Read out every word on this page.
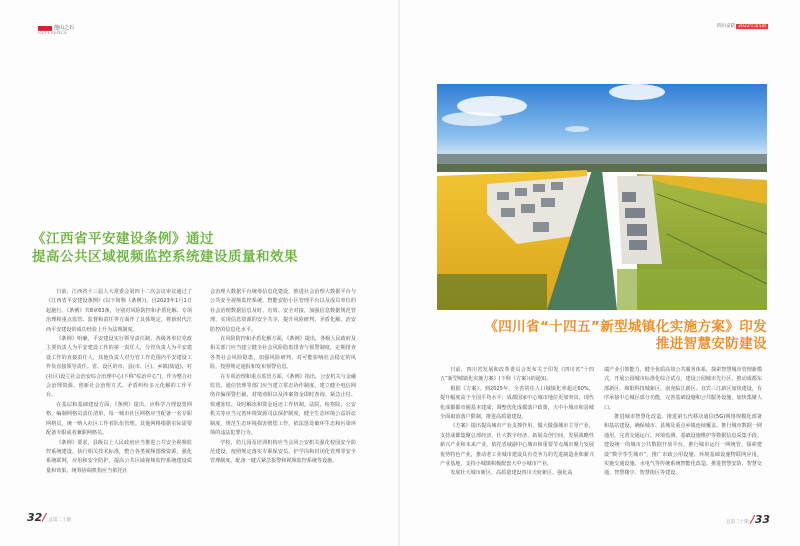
他山之石
REFERENCE
《江西省平安建设条例》通过
提高公共区域视频监控系统建设质量和效果

日前，江西省十三届人大常委会第四十二次会议审议通过了《江西省平安建设条例》(以下简称《条例》)，自2023年1月1日起施行。《条例》共8章63条，分别对风险防控和矛盾化解、专项治理和重点监管、监督和责任等方面作了具体规定，将新时代江西平安建设的成功经验上升为法规制度。

《条例》明确，平安建设实行领导责任制。各级各单位党政主要负责人为平安建设工作的第一责任人，分管负责人为平安建设工作的直接责任人，其他负责人对分管工作范围内平安建设工作负直接领导责任。省、设区的市、县(市、区)、乡镇(街道)、村(社区)设立社会治安综合治理中心(下称“综治中心”)，作为整合社会治理资源、创新社会治理方式、矛盾纠纷多元化解的工作平台。

在基层和基础建设方面，《条例》提出，应科学合理设置网格，编制网格员责任清单，每一城市社区网格应当配备一名专职网格员，统一纳入社区工作者队伍管理。其他网格根据实际需要配备专职或者兼职网格员。

《条例》要求，县级以上人民政府应当推进公共安全视频监控系统建设，执行相关技术标准，整合各类视频图像资源，强化系统联网，应用和安全防护，提高公共区域视频监控系统建设质量和效果。统筹协调机构应当依托社

会治理大数据平台统筹信息化建设，推进社会治理大数据平台与公共安全视频监控系统、智能安防小区管理平台以及成员单位的社会治理数据信息及时、有效、安全对接，加强信息数据规范管理，实现信息资源的安全共享，提升风险研判、矛盾化解、治安防控的信息化水平。

在风险防控和矛盾化解方面，《条例》提出，各级人民政府及相关部门应当建立健全社会风险隐患排查与预警制度，定期排查各类社会风险隐患，加强风险研判，对可能影响社会稳定的风险，按照规定通报和发布预警信息。

在专项治理和重点监管方面，《条例》指出，公安机关与金融监管、通信管理等部门应当建立常态协作制度，建立健全电信网络诈骗预警拦截、封堵劝阻以及涉案资金即时查询、紧急止付、快速冻结、及时解冻和资金返还工作机制。法院、检察院、公安机关等应当完善环境资源司法保护制度，健全生态环境公益诉讼制度，规范生态环境损害赔偿工作，依法惩处破坏生态和污染环境的违法犯罪行为。

学校、幼儿园及培训机构应当会同公安机关强化校园安全防范建设，按照规定落实专职保安员、护学岗和封闭化管理等安全管理制度，配备一键式紧急报警和视频监控系统等设施。

32 / 总第二十期
四川安防 2022年第5期
《四川省“十四五”新型城镇化实施方案》印发
推进智慧安防建设

日前，四川省发展和改革委员会发布关于印发《四川省“十四五”新型城镇化实施方案》(下称《方案》)的通知。

根据《方案》，到2025年，全省常住人口城镇化率超过60%，提升幅度高于全国平均水平；成都国家中心城市地位更加突出，现代化成都都市圈基本建成；调整优化成都落户政策，大中小城市和县城全面取消落户限制，推进高质量建设。

《方案》提出提高城市产业支撑作用，做大做强城市主导产业，支持成都集聚总部经济，壮大数字经济，拓展众创空间，发展战略性新兴产业和未来产业，依托省域副中心城市和重要节点城市聚力发展优势特色产业，推动老工业城市建设具有竞争力的先进制造业和新兴产业基地，支持小城镇积极配套大中小城市产业。

发展壮大城市新区，高质量建设四川天府新区，强化高

端产业引领能力，健全优质高效公共服务体系，探索智慧城市管理新模式，开展公园城市标准化综合试点，建设公园城市先行区。推动成都东部新区、绵阳科技城新区、南充临江新区、宜宾三江新区加快建设，有序承接中心城区部分功能，完善基础设施和公共服务设施，加快集聚人口。

推进城市智慧化改造。推进第五代移动通信(5G)网络规模化部署和基站建设，确保城市、县城及重点乡镇连续覆盖。推行城市数据一网通用，完善交通运行、环境监测、基础设施维护等数据信息采集手段。建设统一的城市公共数据开放平台。推行城市运行一网统管，探索建设“数字孪生城市”，推广市政公用设施、环境基础设施物联网应用，实施交通设施、水电气等传统系统智能化改造。推进智慧安防、智慧交通、智慧楼宇、智慧街区等建设。

总第二十期 / 33
